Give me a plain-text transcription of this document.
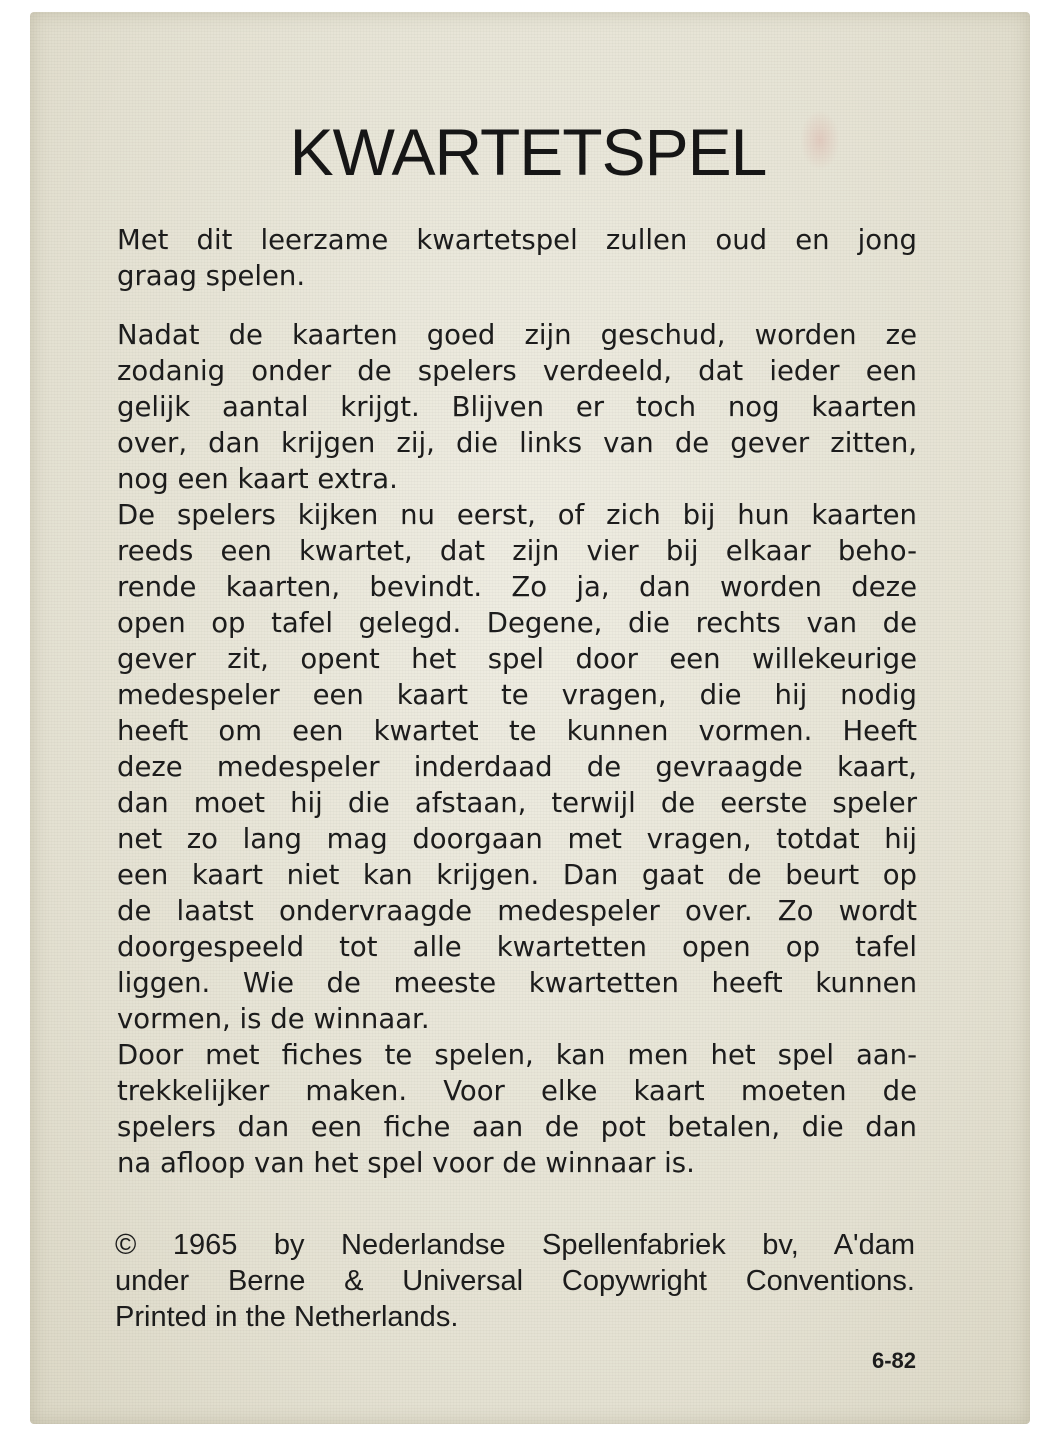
KWARTETSPEL

Met dit leerzame kwartetspel zullen oud en jong
graag spelen.

Nadat de kaarten goed zijn geschud, worden ze
zodanig onder de spelers verdeeld, dat ieder een
gelijk aantal krijgt. Blijven er toch nog kaarten
over, dan krijgen zij, die links van de gever zitten,
nog een kaart extra.

De spelers kijken nu eerst, of zich bij hun kaarten
reeds een kwartet, dat zijn vier bij elkaar beho-
rende kaarten, bevindt. Zo ja, dan worden deze
open op tafel gelegd. Degene, die rechts van de
gever zit, opent het spel door een willekeurige
medespeler een kaart te vragen, die hij nodig
heeft om een kwartet te kunnen vormen. Heeft
deze medespeler inderdaad de gevraagde kaart,
dan moet hij die afstaan, terwijl de eerste speler
net zo lang mag doorgaan met vragen, totdat hij
een kaart niet kan krijgen. Dan gaat de beurt op
de laatst ondervraagde medespeler over. Zo wordt
doorgespeeld tot alle kwartetten open op tafel
liggen. Wie de meeste kwartetten heeft kunnen
vormen, is de winnaar.

Door met fiches te spelen, kan men het spel aan-
trekkelijker maken. Voor elke kaart moeten de
spelers dan een fiche aan de pot betalen, die dan
na afloop van het spel voor de winnaar is.

© 1965 by Nederlandse Spellenfabriek bv, A'dam
under Berne & Universal Copywright Conventions.
Printed in the Netherlands.
6-82
